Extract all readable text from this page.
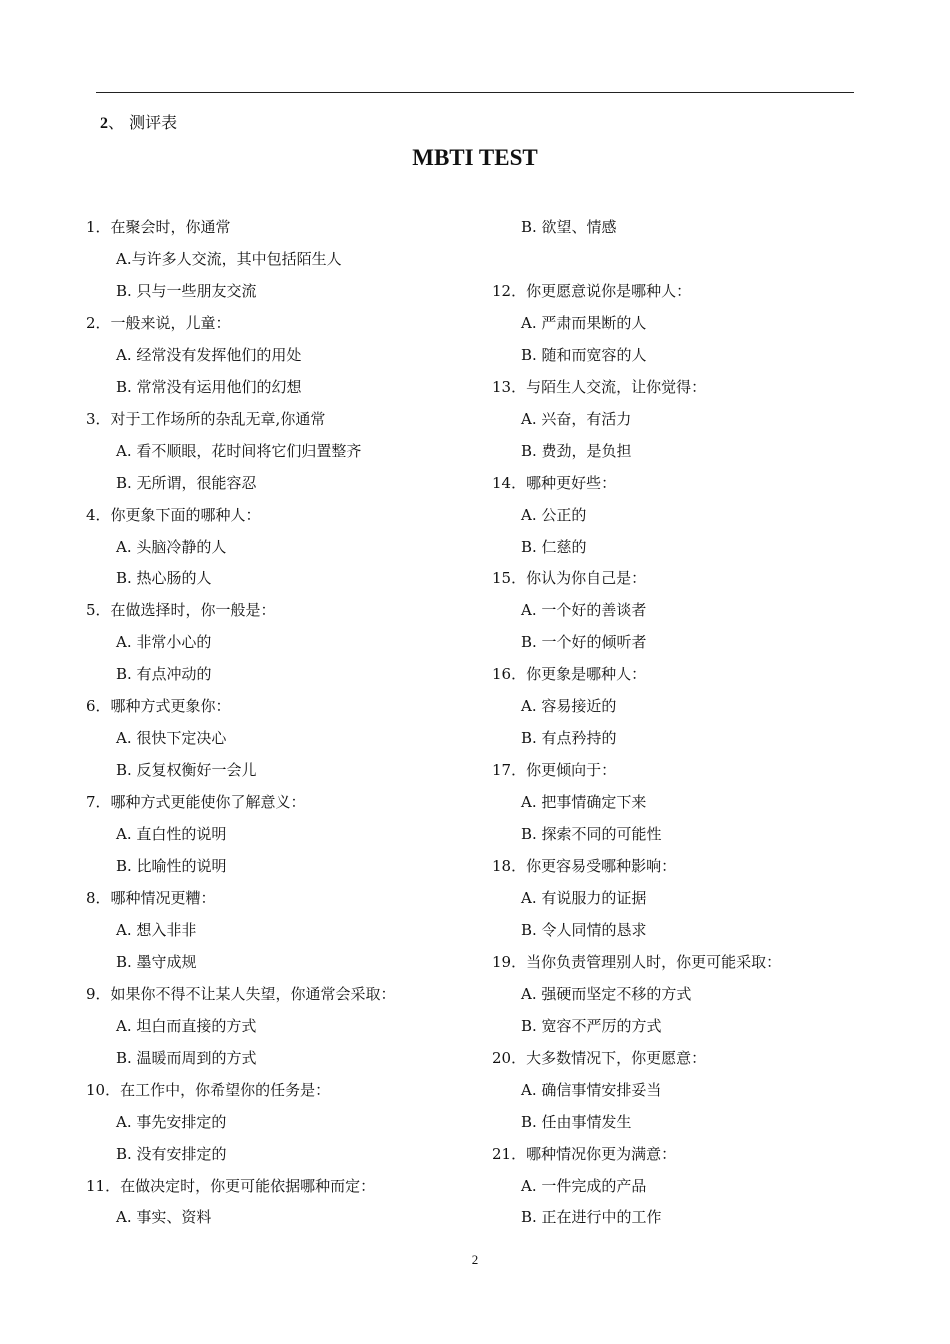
2、 测评表
MBTI TEST
1．在聚会时，你通常
A.与许多人交流，其中包括陌生人
B. 只与一些朋友交流
2．一般来说，儿童：
A. 经常没有发挥他们的用处
B. 常常没有运用他们的幻想
3．对于工作场所的杂乱无章,你通常
A. 看不顺眼，花时间将它们归置整齐
B. 无所谓，很能容忍
4．你更象下面的哪种人：
A. 头脑冷静的人
B. 热心肠的人
5．在做选择时，你一般是：
A. 非常小心的
B. 有点冲动的
6．哪种方式更象你：
A. 很快下定决心
B. 反复权衡好一会儿
7．哪种方式更能使你了解意义：
A. 直白性的说明
B. 比喻性的说明
8．哪种情况更糟：
A. 想入非非
B. 墨守成规
9．如果你不得不让某人失望，你通常会采取：
A. 坦白而直接的方式
B. 温暖而周到的方式
10．在工作中，你希望你的任务是：
A. 事先安排定的
B. 没有安排定的
11．在做决定时，你更可能依据哪种而定：
A. 事实、资料
B. 欲望、情感
12．你更愿意说你是哪种人：
A. 严肃而果断的人
B. 随和而宽容的人
13．与陌生人交流，让你觉得：
A. 兴奋，有活力
B. 费劲，是负担
14．哪种更好些：
A. 公正的
B. 仁慈的
15．你认为你自己是：
A. 一个好的善谈者
B. 一个好的倾听者
16．你更象是哪种人：
A. 容易接近的
B. 有点矜持的
17．你更倾向于：
A. 把事情确定下来
B. 探索不同的可能性
18．你更容易受哪种影响：
A. 有说服力的证据
B. 令人同情的恳求
19．当你负责管理别人时，你更可能采取：
A. 强硬而坚定不移的方式
B. 宽容不严厉的方式
20．大多数情况下，你更愿意：
A. 确信事情安排妥当
B. 任由事情发生
21．哪种情况你更为满意：
A. 一件完成的产品
B. 正在进行中的工作
2
